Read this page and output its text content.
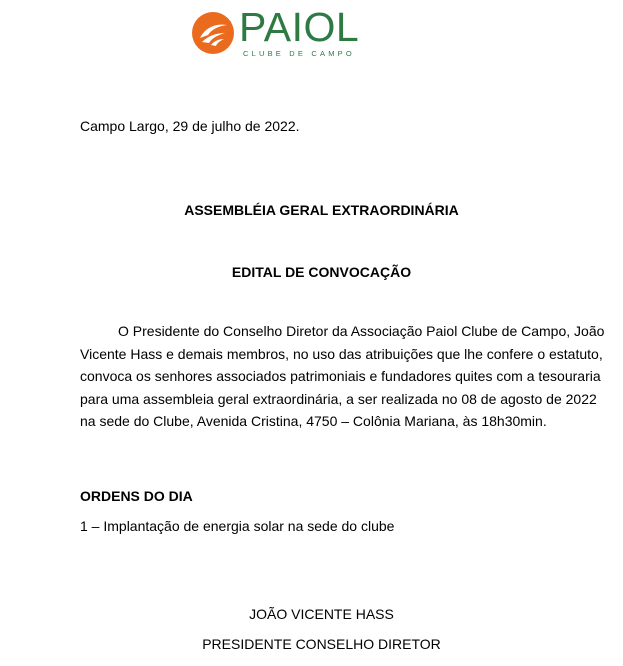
PAIOL
CLUBE DE CAMPO
Campo Largo, 29 de julho de 2022.
ASSEMBLÉIA GERAL EXTRAORDINÁRIA
EDITAL DE CONVOCAÇÃO
O Presidente do Conselho Diretor da Associação Paiol Clube de Campo, João
Vicente Hass e demais membros, no uso das atribuições que lhe confere o estatuto,
convoca os senhores associados patrimoniais e fundadores quites com a tesouraria
para uma assembleia geral extraordinária, a ser realizada no 08 de agosto de 2022
na sede do Clube, Avenida Cristina, 4750 – Colônia Mariana, às 18h30min.
ORDENS DO DIA
1 – Implantação de energia solar na sede do clube
JOÃO VICENTE HASS
PRESIDENTE CONSELHO DIRETOR
